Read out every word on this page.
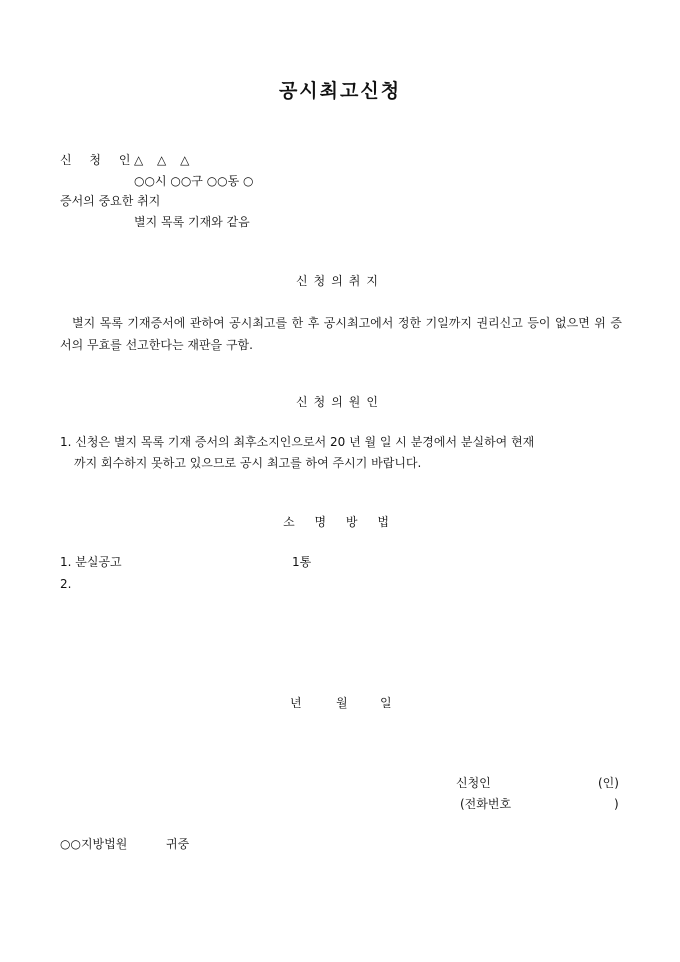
공시최고신청
신 청 인
△ △ △
○○시 ○○구 ○○동 ○
증서의 중요한 취지
별지 목록 기재와 같음
신청의취지
별지 목록 기재증서에 관하여 공시최고를 한 후 공시최고에서 정한 기일까지 권리신고 등이 없으면 위 증서의 무효를 선고한다는 재판을 구함.
신청의원인
1. 신청은 별지 목록 기재 증서의 최후소지인으로서 20 년 월 일 시 분경에서 분실하여 현재
까지 회수하지 못하고 있으므로 공시 최고를 하여 주시기 바랍니다.
소 명 방 법
1. 분실공고	1통
2.
년	월	일
신청인	(인)
(전화번호	)
○○지방법원	귀중
